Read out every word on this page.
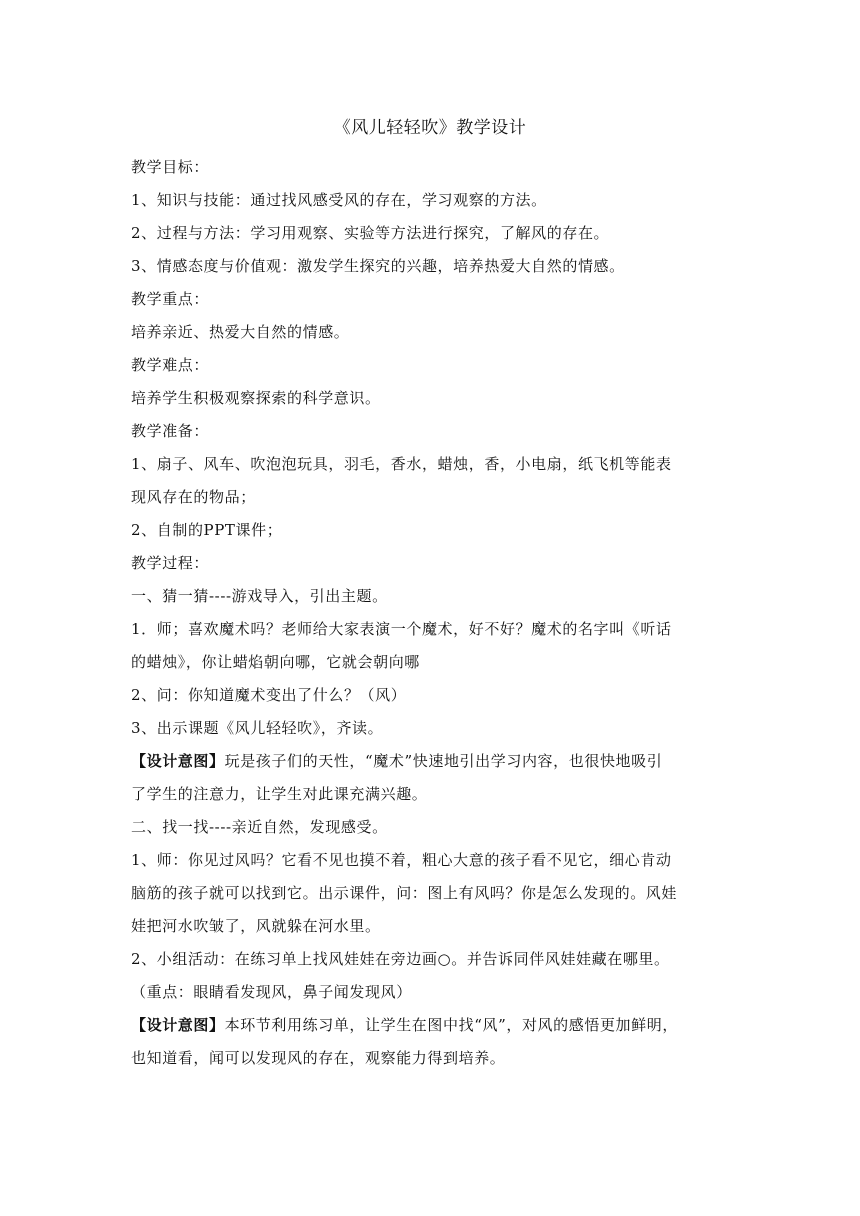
《风儿轻轻吹》教学设计

教学目标：

1、知识与技能：通过找风感受风的存在，学习观察的方法。

2、过程与方法：学习用观察、实验等方法进行探究，了解风的存在。

3、情感态度与价值观：激发学生探究的兴趣，培养热爱大自然的情感。

教学重点：

培养亲近、热爱大自然的情感。

教学难点：

培养学生积极观察探索的科学意识。

教学准备：

1、扇子、风车、吹泡泡玩具，羽毛，香水，蜡烛，香，小电扇，纸飞机等能表
现风存在的物品；

2、自制的PPT课件；

教学过程：

一、猜一猜----游戏导入，引出主题。

1．师；喜欢魔术吗？老师给大家表演一个魔术，好不好？魔术的名字叫《听话
的蜡烛》，你让蜡焰朝向哪，它就会朝向哪

2、问：你知道魔术变出了什么？（风）

3、出示课题《风儿轻轻吹》，齐读。

【设计意图】玩是孩子们的天性，“魔术”快速地引出学习内容，也很快地吸引
了学生的注意力，让学生对此课充满兴趣。

二、找一找----亲近自然，发现感受。

1、师：你见过风吗？它看不见也摸不着，粗心大意的孩子看不见它，细心肯动
脑筋的孩子就可以找到它。出示课件，问：图上有风吗？你是怎么发现的。风娃
娃把河水吹皱了，风就躲在河水里。

2、小组活动：在练习单上找风娃娃在旁边画○。并告诉同伴风娃娃藏在哪里。
（重点：眼睛看发现风，鼻子闻发现风）

【设计意图】本环节利用练习单，让学生在图中找“风”，对风的感悟更加鲜明，
也知道看，闻可以发现风的存在，观察能力得到培养。
